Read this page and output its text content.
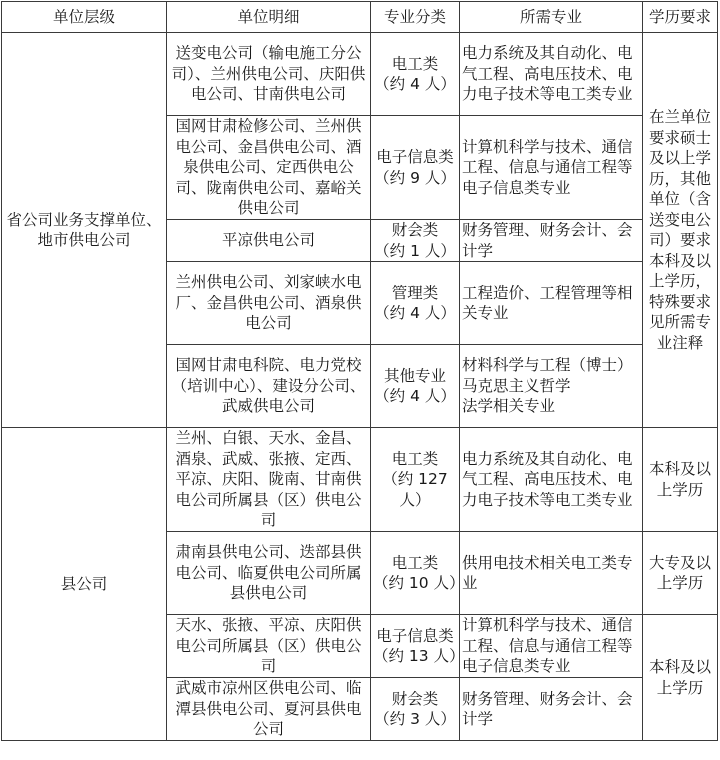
单位层级	单位明细	专业分类	所需专业	学历要求
省公司业务支撑单位、地市供电公司	送变电公司（输电施工分公司）、兰州供电公司、庆阳供电公司、甘南供电公司	电工类
（约 4 人）	电力系统及其自动化、电气工程、高电压技术、电力电子技术等电工类专业	在兰单位要求硕士及以上学历，其他单位（含送变电公司）要求本科及以上学历，特殊要求见所需专业注释
	国网甘肃检修公司、兰州供电公司、金昌供电公司、酒泉供电公司、定西供电公司、陇南供电公司、嘉峪关供电公司	电子信息类
（约 9 人）	计算机科学与技术、通信工程、信息与通信工程等电子信息类专业	

	平凉供电公司	财会类
（约 1 人）	财务管理、财务会计、会计学	

	兰州供电公司、刘家峡水电厂、金昌供电公司、酒泉供电公司	管理类
（约 4 人）	工程造价、工程管理等相关专业	

	国网甘肃电科院、电力党校（培训中心）、建设分公司、武威供电公司	其他专业
（约 4 人）	材料科学与工程（博士）
马克思主义哲学
法学相关专业	

县公司	兰州、白银、天水、金昌、酒泉、武威、张掖、定西、平凉、庆阳、陇南、甘南供电公司所属县（区）供电公司	电工类
（约 127 人）	电力系统及其自动化、电气工程、高电压技术、电力电子技术等电工类专业	本科及以上学历
	肃南县供电公司、迭部县供电公司、临夏供电公司所属县供电公司	电工类
（约 10 人）	供用电技术相关电工类专业	大专及以上学历
	天水、张掖、平凉、庆阳供电公司所属县（区）供电公司	电子信息类
（约 13 人）	计算机科学与技术、通信工程、信息与通信工程等电子信息类专业	本科及以上学历
	武威市凉州区供电公司、临潭县供电公司、夏河县供电公司	财会类
（约 3 人）	财务管理、财务会计、会计学	
